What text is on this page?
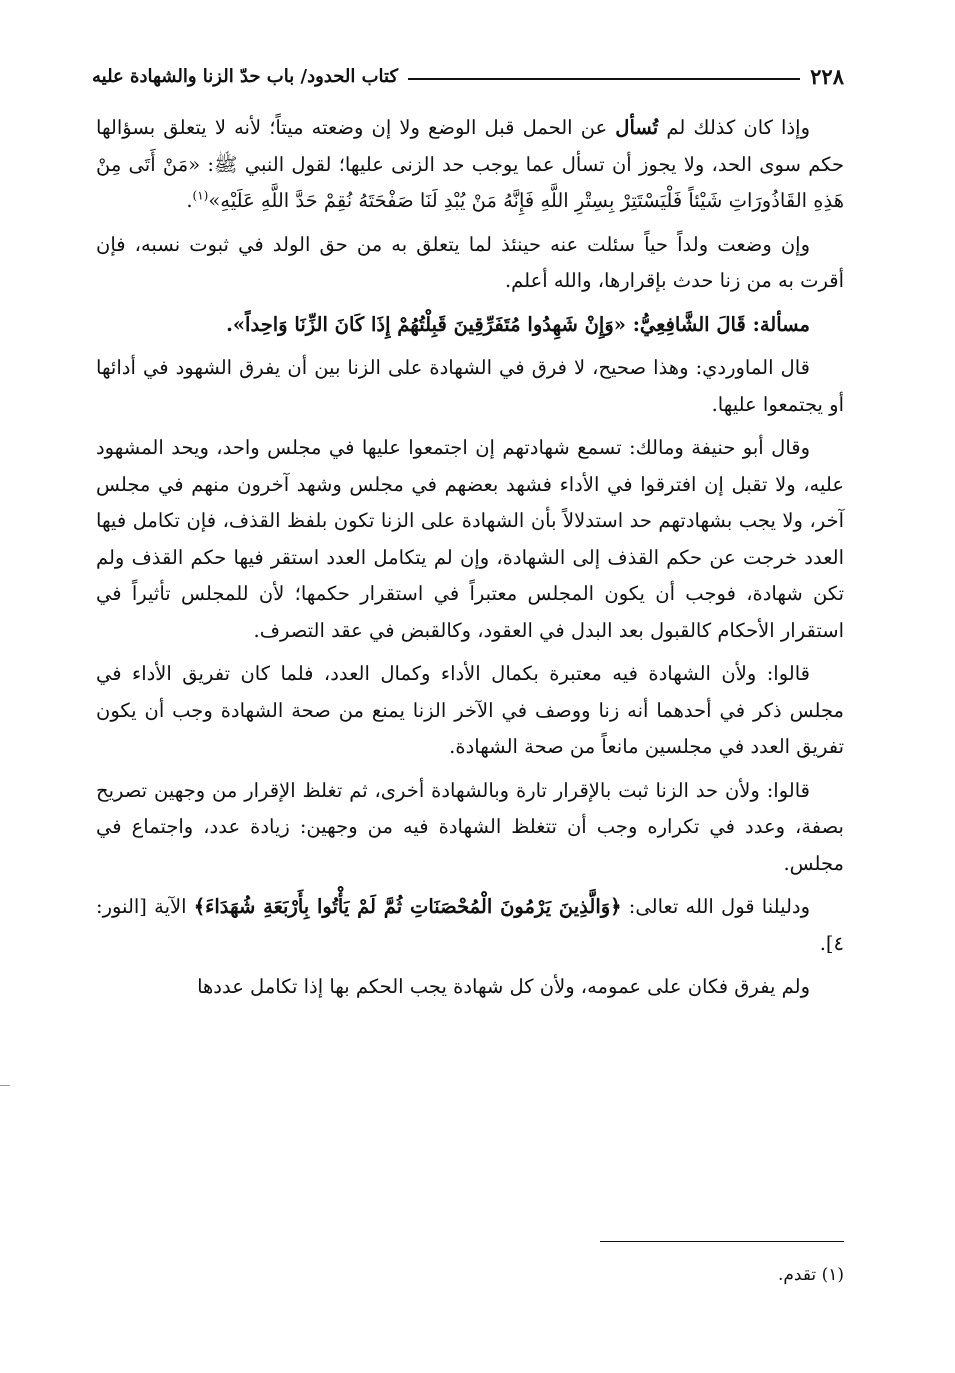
٢٢٨
كتاب الحدود/ باب حدّ الزنا والشهادة عليه

وإذا كان كذلك لم تُسأل عن الحمل قبل الوضع ولا إن وضعته ميتاً؛ لأنه لا يتعلق بسؤالها حكم سوى الحد، ولا يجوز أن تسأل عما يوجب حد الزنى عليها؛ لقول النبي ﷺ: «مَنْ أَتَى مِنْ هَذِهِ القَاذُورَاتِ شَيْئاً فَلْيَسْتَتِرْ بِسِتْرِ اللَّهِ فَإِنَّهُ مَنْ يُبْدِ لَنَا صَفْحَتَهُ نُقِمْ حَدَّ اللَّهِ عَلَيْهِ»$^{(١)}$.

وإن وضعت ولداً حياً سئلت عنه حينئذ لما يتعلق به من حق الولد في ثبوت نسبه، فإن أقرت به من زنا حدث بإقرارها، والله أعلم.

مسألة: قَالَ الشَّافِعِيُّ: «وَإِنْ شَهِدُوا مُتَفَرِّقِينَ قَبِلْتُهُمْ إِذَا كَانَ الزِّنَا وَاحِداً».

قال الماوردي: وهذا صحيح، لا فرق في الشهادة على الزنا بين أن يفرق الشهود في أدائها أو يجتمعوا عليها.

وقال أبو حنيفة ومالك: تسمع شهادتهم إن اجتمعوا عليها في مجلس واحد، ويحد المشهود عليه، ولا تقبل إن افترقوا في الأداء فشهد بعضهم في مجلس وشهد آخرون منهم في مجلس آخر، ولا يجب بشهادتهم حد استدلالاً بأن الشهادة على الزنا تكون بلفظ القذف، فإن تكامل فيها العدد خرجت عن حكم القذف إلى الشهادة، وإن لم يتكامل العدد استقر فيها حكم القذف ولم تكن شهادة، فوجب أن يكون المجلس معتبراً في استقرار حكمها؛ لأن للمجلس تأثيراً في استقرار الأحكام كالقبول بعد البدل في العقود، وكالقبض في عقد التصرف.

قالوا: ولأن الشهادة فيه معتبرة بكمال الأداء وكمال العدد، فلما كان تفريق الأداء في مجلس ذكر في أحدهما أنه زنا ووصف في الآخر الزنا يمنع من صحة الشهادة وجب أن يكون تفريق العدد في مجلسين مانعاً من صحة الشهادة.

قالوا: ولأن حد الزنا ثبت بالإقرار تارة وبالشهادة أخرى، ثم تغلظ الإقرار من وجهين تصريح بصفة، وعدد في تكراره وجب أن تتغلظ الشهادة فيه من وجهين: زيادة عدد، واجتماع في مجلس.

ودليلنا قول الله تعالى: ﴿وَالَّذِينَ يَرْمُونَ الْمُحْصَنَاتِ ثُمَّ لَمْ يَأْتُوا بِأَرْبَعَةِ شُهَدَاءَ﴾ الآية [النور: ٤].

ولم يفرق فكان على عمومه، ولأن كل شهادة يجب الحكم بها إذا تكامل عددها

(١) تقدم.
